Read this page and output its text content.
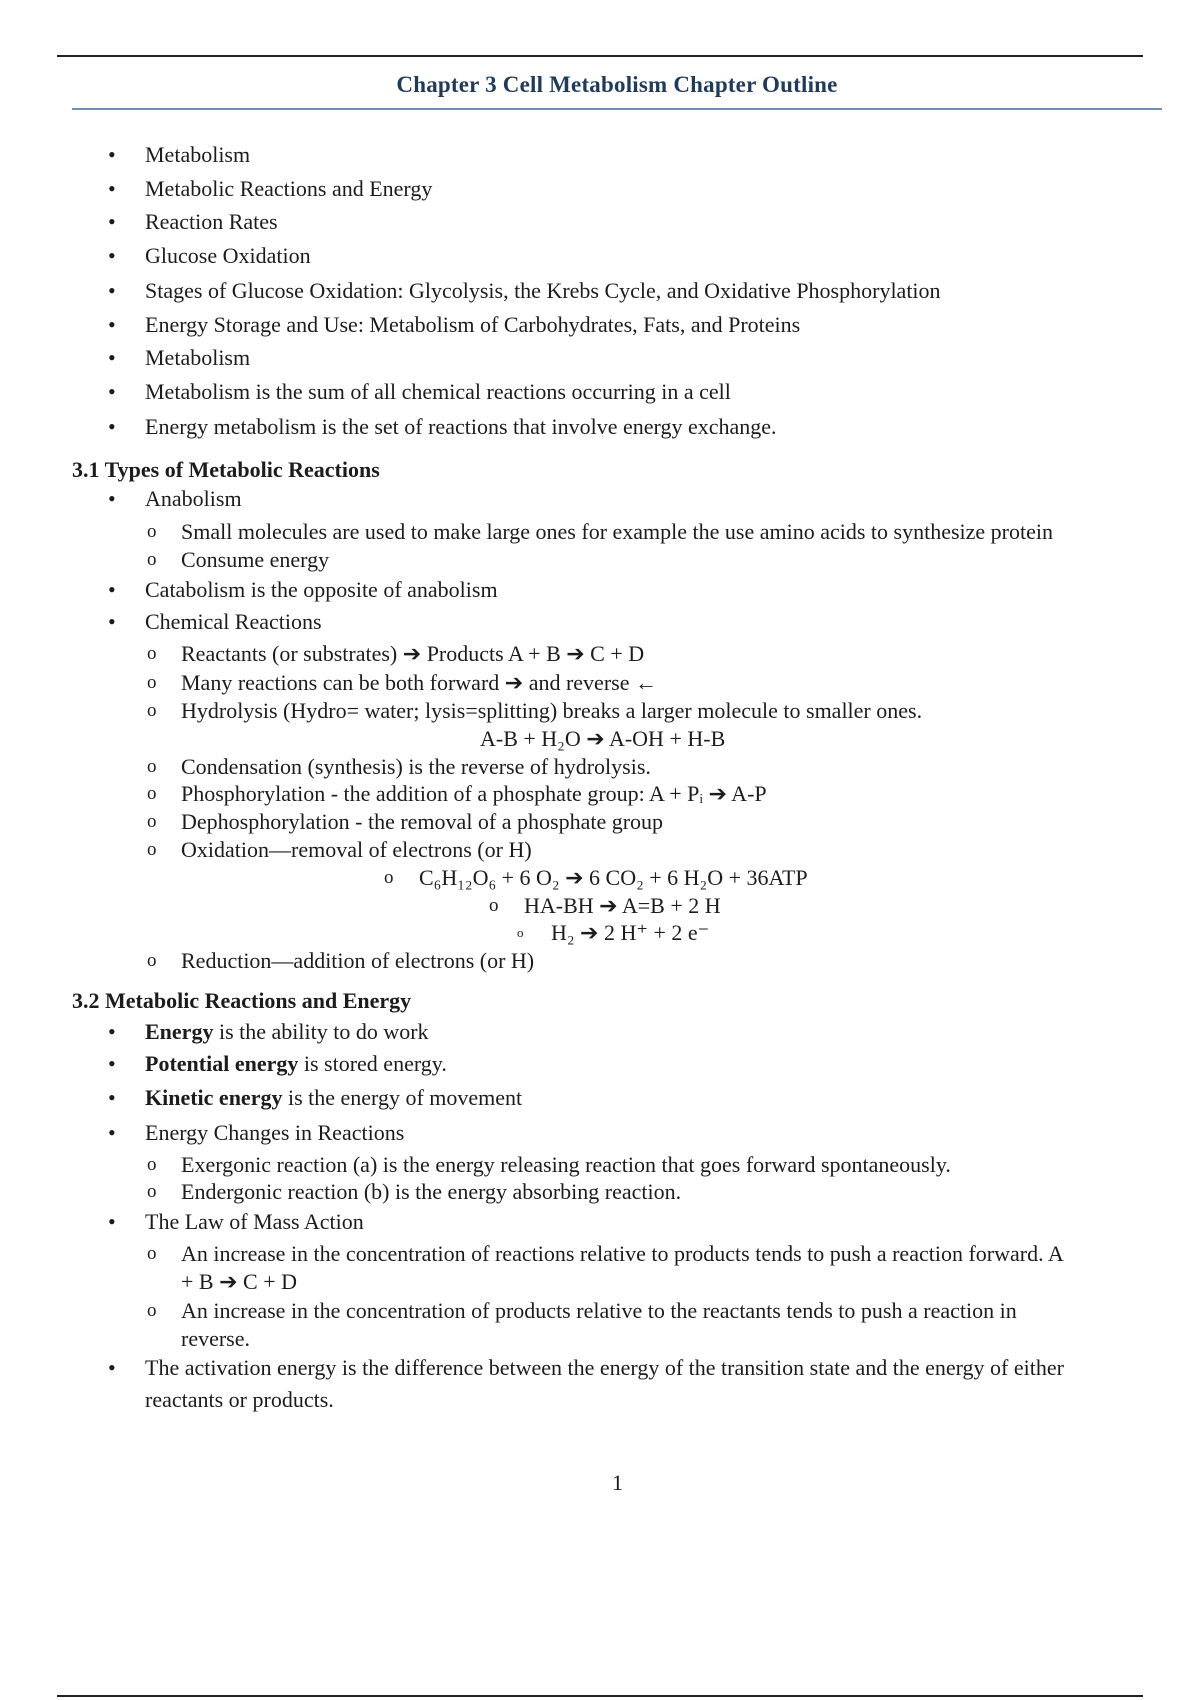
Chapter 3 Cell Metabolism Chapter Outline
• Metabolism
• Metabolic Reactions and Energy
• Reaction Rates
• Glucose Oxidation
• Stages of Glucose Oxidation: Glycolysis, the Krebs Cycle, and Oxidative Phosphorylation
• Energy Storage and Use: Metabolism of Carbohydrates, Fats, and Proteins
• Metabolism
• Metabolism is the sum of all chemical reactions occurring in a cell
• Energy metabolism is the set of reactions that involve energy exchange.
3.1 Types of Metabolic Reactions
• Anabolism
o Small molecules are used to make large ones for example the use amino acids to synthesize protein
o Consume energy
• Catabolism is the opposite of anabolism
• Chemical Reactions
o Reactants (or substrates) ➔ Products A + B ➔ C + D
o Many reactions can be both forward ➔ and reverse ←
o Hydrolysis (Hydro= water; lysis=splitting) breaks a larger molecule to smaller ones.
A-B + H₂O ➔ A-OH + H-B
o Condensation (synthesis) is the reverse of hydrolysis.
o Phosphorylation - the addition of a phosphate group: A + Pᵢ ➔ A-P
o Dephosphorylation - the removal of a phosphate group
o Oxidation—removal of electrons (or H)
o C₆H₁₂O₆ + 6 O₂ ➔ 6 CO₂ + 6 H₂O + 36ATP
o HA-BH ➔ A=B + 2 H
o H₂ ➔ 2 H⁺ + 2 e⁻
o Reduction—addition of electrons (or H)
3.2 Metabolic Reactions and Energy
• Energy is the ability to do work
• Potential energy is stored energy.
• Kinetic energy is the energy of movement
• Energy Changes in Reactions
o Exergonic reaction (a) is the energy releasing reaction that goes forward spontaneously.
o Endergonic reaction (b) is the energy absorbing reaction.
• The Law of Mass Action
o An increase in the concentration of reactions relative to products tends to push a reaction forward. A
+ B ➔ C + D
o An increase in the concentration of products relative to the reactants tends to push a reaction in
reverse.
• The activation energy is the difference between the energy of the transition state and the energy of either
reactants or products.
1
